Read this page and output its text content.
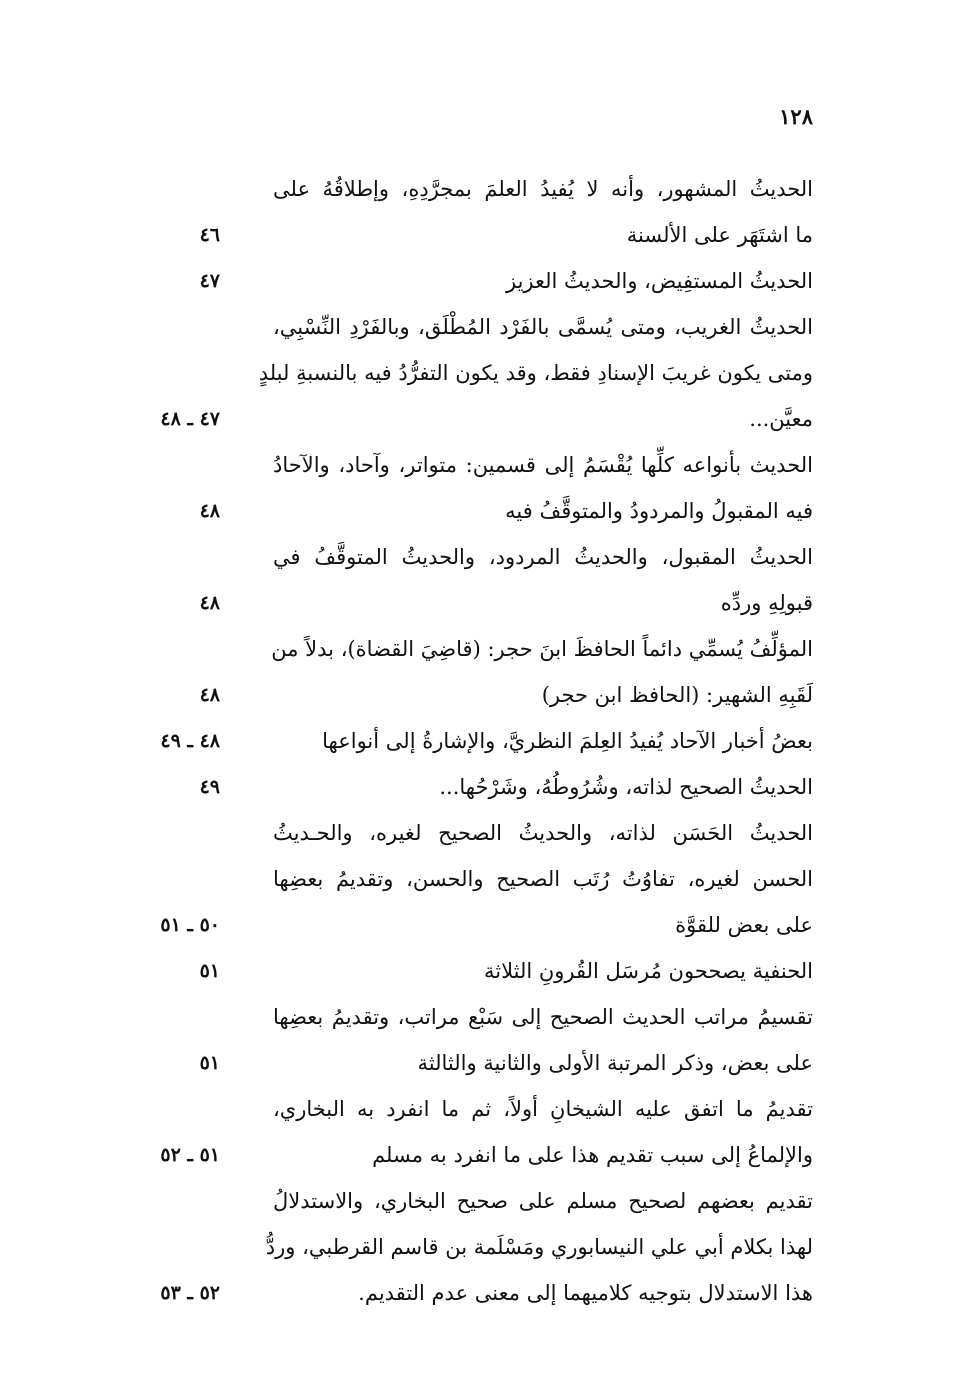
١٢٨
الحديثُ المشهور، وأنه لا يُفيدُ العلمَ بمجرَّدِهِ، وإطلاقُهُ على
ما اشتَهَر على الألسنة
٤٦
الحديثُ المستفِيض، والحديثُ العزيز
٤٧
الحديثُ الغريب، ومتى يُسمَّى بالفَرْد المُطْلَق، وبالفَرْدِ النِّسْبِي،
ومتى يكون غريبَ الإسنادِ فقط، وقد يكون التفرُّدُ فيه بالنسبةِ لبلدٍ
معيَّن...
٤٧ ـ ٤٨
الحديث بأنواعه كلِّها يُقْسَمُ إلى قسمين: متواتر، وآحاد، والآحادُ
فيه المقبولُ والمردودُ والمتوقَّفُ فيه
٤٨
الحديثُ المقبول، والحديثُ المردود، والحديثُ المتوقَّفُ في
قبولِهِ وردِّه
٤٨
المؤلِّفُ يُسمِّي دائماً الحافظَ ابنَ حجر: (قاضِيَ القضاة)، بدلاً من
لَقَبِهِ الشهير: (الحافظ ابن حجر)
٤٨
بعضُ أخبار الآحاد يُفيدُ العِلمَ النظريَّ، والإشارةُ إلى أنواعها
٤٨ ـ ٤٩
الحديثُ الصحيح لذاته، وشُرُوطُهُ، وشَرْحُها...
٤٩
الحديثُ الحَسَن لذاته، والحديثُ الصحيح لغيره، والحـديثُ
الحسن لغيره، تفاوُتُ رُتَب الصحيح والحسن، وتقديمُ بعضِها
على بعض للقوَّة
٥٠ ـ ٥١
الحنفية يصححون مُرسَل القُرونِ الثلاثة
٥١
تقسيمُ مراتب الحديث الصحيح إلى سَبْع مراتب، وتقديمُ بعضِها
على بعض، وذكر المرتبة الأولى والثانية والثالثة
٥١
تقديمُ ما اتفق عليه الشيخانِ أولاً، ثم ما انفرد به البخاري،
والإلماعُ إلى سبب تقديم هذا على ما انفرد به مسلم
٥١ ـ ٥٢
تقديم بعضهم لصحيح مسلم على صحيح البخاري، والاستدلالُ
لهذا بكلام أبي علي النيسابوري ومَسْلَمة بن قاسم القرطبي، وردُّ
هذا الاستدلال بتوجيه كلاميهما إلى معنى عدم التقديم.
٥٢ ـ ٥٣
